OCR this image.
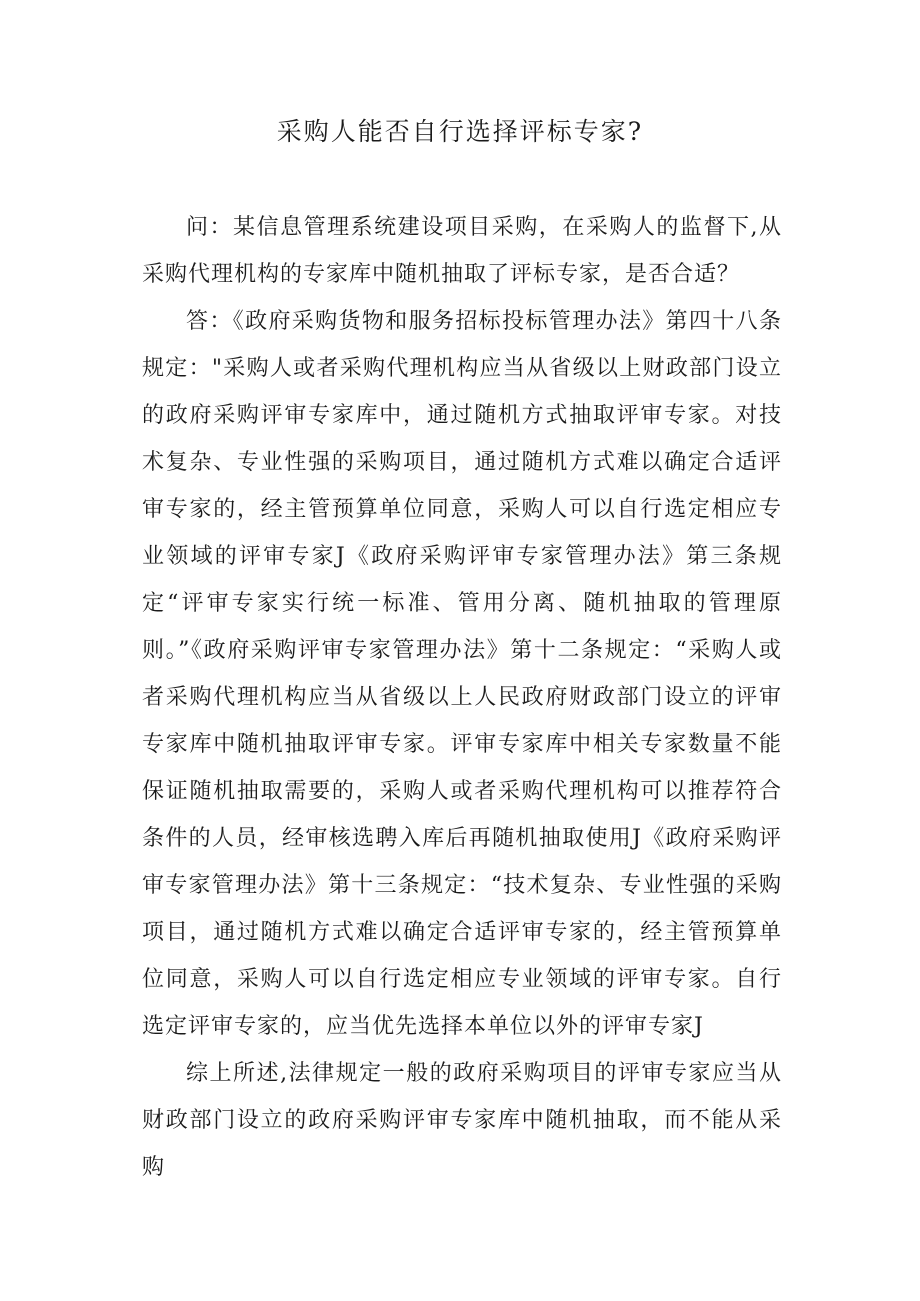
采购人能否自行选择评标专家?

问：某信息管理系统建设项目采购，在采购人的监督下,从采购代理机构的专家库中随机抽取了评标专家，是否合适？

答：《政府采购货物和服务招标投标管理办法》第四十八条规定："采购人或者采购代理机构应当从省级以上财政部门设立的政府采购评审专家库中，通过随机方式抽取评审专家。对技术复杂、专业性强的采购项目，通过随机方式难以确定合适评审专家的，经主管预算单位同意，采购人可以自行选定相应专业领域的评审专家J《政府采购评审专家管理办法》第三条规定“评审专家实行统一标准、管用分离、随机抽取的管理原则。”《政府采购评审专家管理办法》第十二条规定：“采购人或者采购代理机构应当从省级以上人民政府财政部门设立的评审专家库中随机抽取评审专家。评审专家库中相关专家数量不能保证随机抽取需要的，采购人或者采购代理机构可以推荐符合条件的人员，经审核选聘入库后再随机抽取使用J《政府采购评审专家管理办法》第十三条规定：“技术复杂、专业性强的采购项目，通过随机方式难以确定合适评审专家的，经主管预算单位同意，采购人可以自行选定相应专业领域的评审专家。自行选定评审专家的，应当优先选择本单位以外的评审专家J

综上所述,法律规定一般的政府采购项目的评审专家应当从财政部门设立的政府采购评审专家库中随机抽取，而不能从采购
